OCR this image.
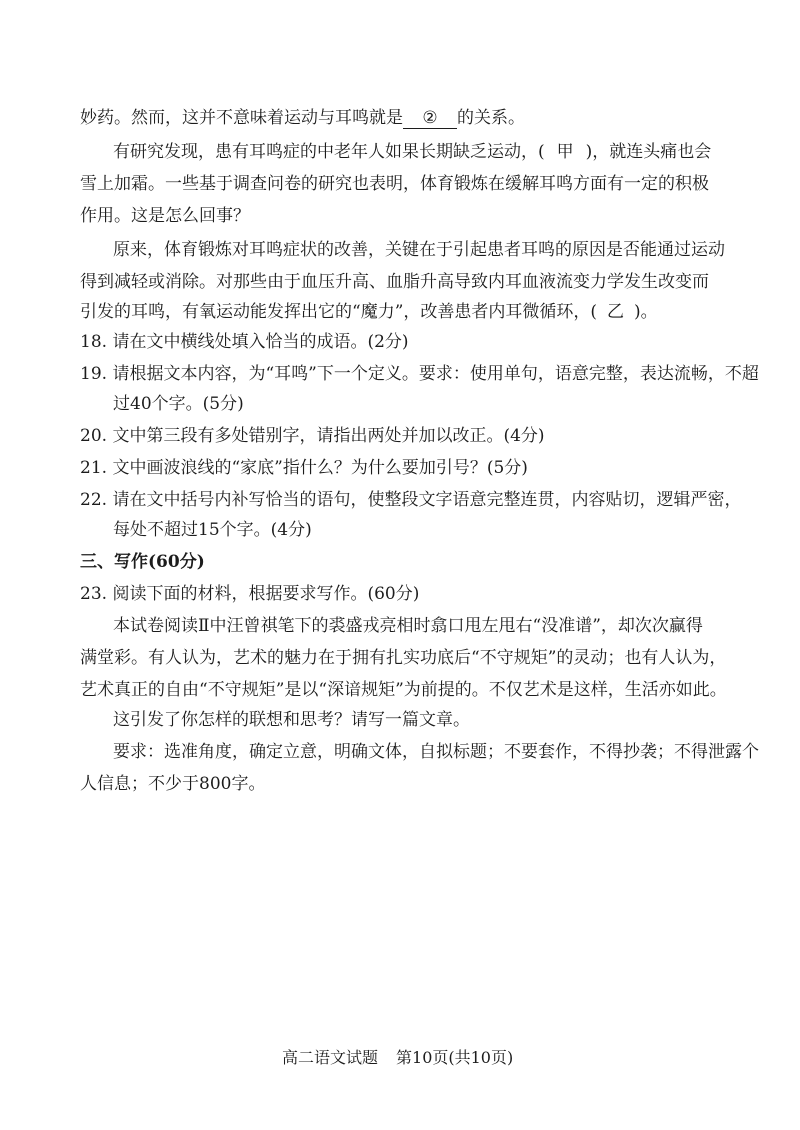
妙药。然而，这并不意味着运动与耳鸣就是 ② 的关系。
有研究发现，患有耳鸣症的中老年人如果长期缺乏运动，( 甲 )，就连头痛也会
雪上加霜。一些基于调查问卷的研究也表明，体育锻炼在缓解耳鸣方面有一定的积极
作用。这是怎么回事？
原来，体育锻炼对耳鸣症状的改善，关键在于引起患者耳鸣的原因是否能通过运动
得到减轻或消除。对那些由于血压升高、血脂升高导致内耳血液流变力学发生改变而
引发的耳鸣，有氧运动能发挥出它的“魔力”，改善患者内耳微循环，( 乙 )。
18. 请在文中横线处填入恰当的成语。(2分)
19. 请根据文本内容，为“耳鸣”下一个定义。要求：使用单句，语意完整，表达流畅，不超
过40个字。(5分)
20. 文中第三段有多处错别字，请指出两处并加以改正。(4分)
21. 文中画波浪线的“家底”指什么？为什么要加引号？(5分)
22. 请在文中括号内补写恰当的语句，使整段文字语意完整连贯，内容贴切，逻辑严密，
每处不超过15个字。(4分)
三、写作(60分)
23. 阅读下面的材料，根据要求写作。(60分)
本试卷阅读Ⅱ中汪曾祺笔下的裘盛戎亮相时翕口甩左甩右“没准谱”，却次次赢得
满堂彩。有人认为，艺术的魅力在于拥有扎实功底后“不守规矩”的灵动；也有人认为，
艺术真正的自由“不守规矩”是以“深谙规矩”为前提的。不仅艺术是这样，生活亦如此。
这引发了你怎样的联想和思考？请写一篇文章。
要求：选准角度，确定立意，明确文体，自拟标题；不要套作，不得抄袭；不得泄露个
人信息；不少于800字。
高二语文试题 第10页(共10页)
